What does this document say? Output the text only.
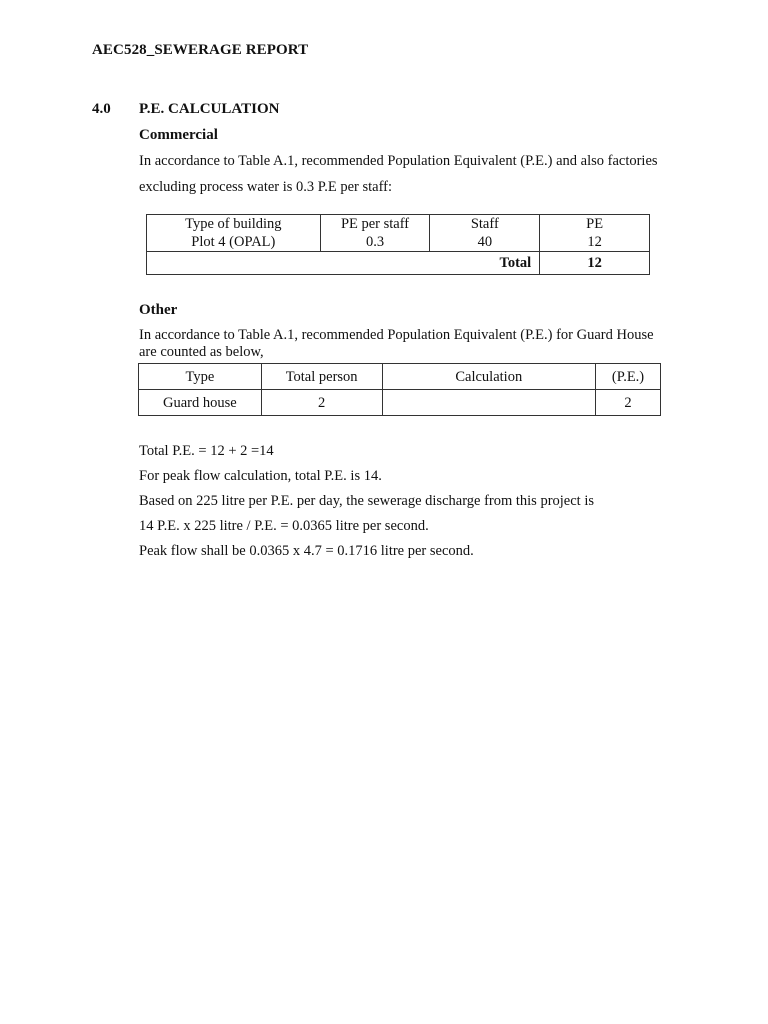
AEC528_SEWERAGE REPORT
4.0 P.E. CALCULATION
Commercial
In accordance to Table A.1, recommended Population Equivalent (P.E.) and also factories
excluding process water is 0.3 P.E per staff:
Type of building	PE per staff	Staff	PE
Plot 4 (OPAL)	0.3	40	12
		Total	12
Other
In accordance to Table A.1, recommended Population Equivalent (P.E.) for Guard House
are counted as below,
Type	Total person	Calculation	(P.E.)
Guard house	2		2
Total P.E. = 12 + 2 =14
For peak flow calculation, total P.E. is 14.
Based on 225 litre per P.E. per day, the sewerage discharge from this project is
14 P.E. x 225 litre / P.E. = 0.0365 litre per second.
Peak flow shall be 0.0365 x 4.7 = 0.1716 litre per second.
